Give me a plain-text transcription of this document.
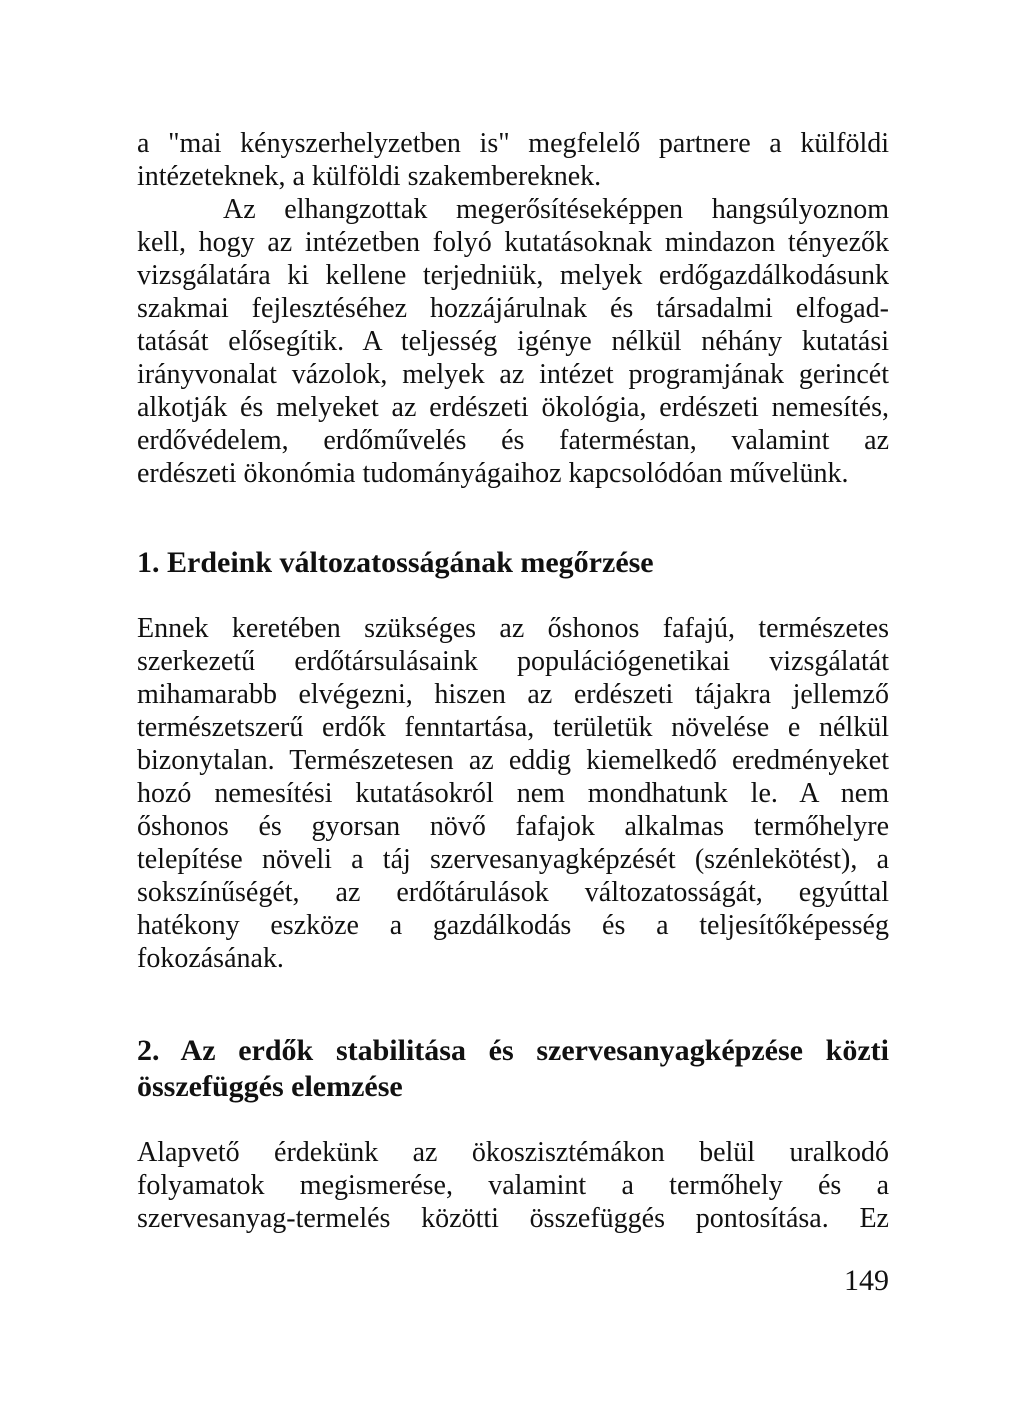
a "mai kényszerhelyzetben is" megfelelő partnere a külföldi
intézeteknek, a külföldi szakembereknek.
Az elhangzottak megerősítéseképpen hangsúlyoznom
kell, hogy az intézetben folyó kutatásoknak mindazon tényezők
vizsgálatára ki kellene terjedniük, melyek erdőgazdálkodásunk
szakmai fejlesztéséhez hozzájárulnak és társadalmi elfogad-
tatását elősegítik. A teljesség igénye nélkül néhány kutatási
irányvonalat vázolok, melyek az intézet programjának gerincét
alkotják és melyeket az erdészeti ökológia, erdészeti nemesítés,
erdővédelem, erdőművelés és faterméstan, valamint az
erdészeti ökonómia tudományágaihoz kapcsolódóan művelünk.
1. Erdeink változatosságának megőrzése
Ennek keretében szükséges az őshonos fafajú, természetes
szerkezetű erdőtársulásaink populációgenetikai vizsgálatát
mihamarabb elvégezni, hiszen az erdészeti tájakra jellemző
természetszerű erdők fenntartása, területük növelése e nélkül
bizonytalan. Természetesen az eddig kiemelkedő eredményeket
hozó nemesítési kutatásokról nem mondhatunk le. A nem
őshonos és gyorsan növő fafajok alkalmas termőhelyre
telepítése növeli a táj szervesanyagképzését (szénlekötést), a
sokszínűségét, az erdőtárulások változatosságát, egyúttal
hatékony eszköze a gazdálkodás és a teljesítőképesség
fokozásának.
2. Az erdők stabilitása és szervesanyagképzése közti
összefüggés elemzése
Alapvető érdekünk az ökoszisztémákon belül uralkodó
folyamatok megismerése, valamint a termőhely és a
szervesanyag-termelés közötti összefüggés pontosítása. Ez
149
